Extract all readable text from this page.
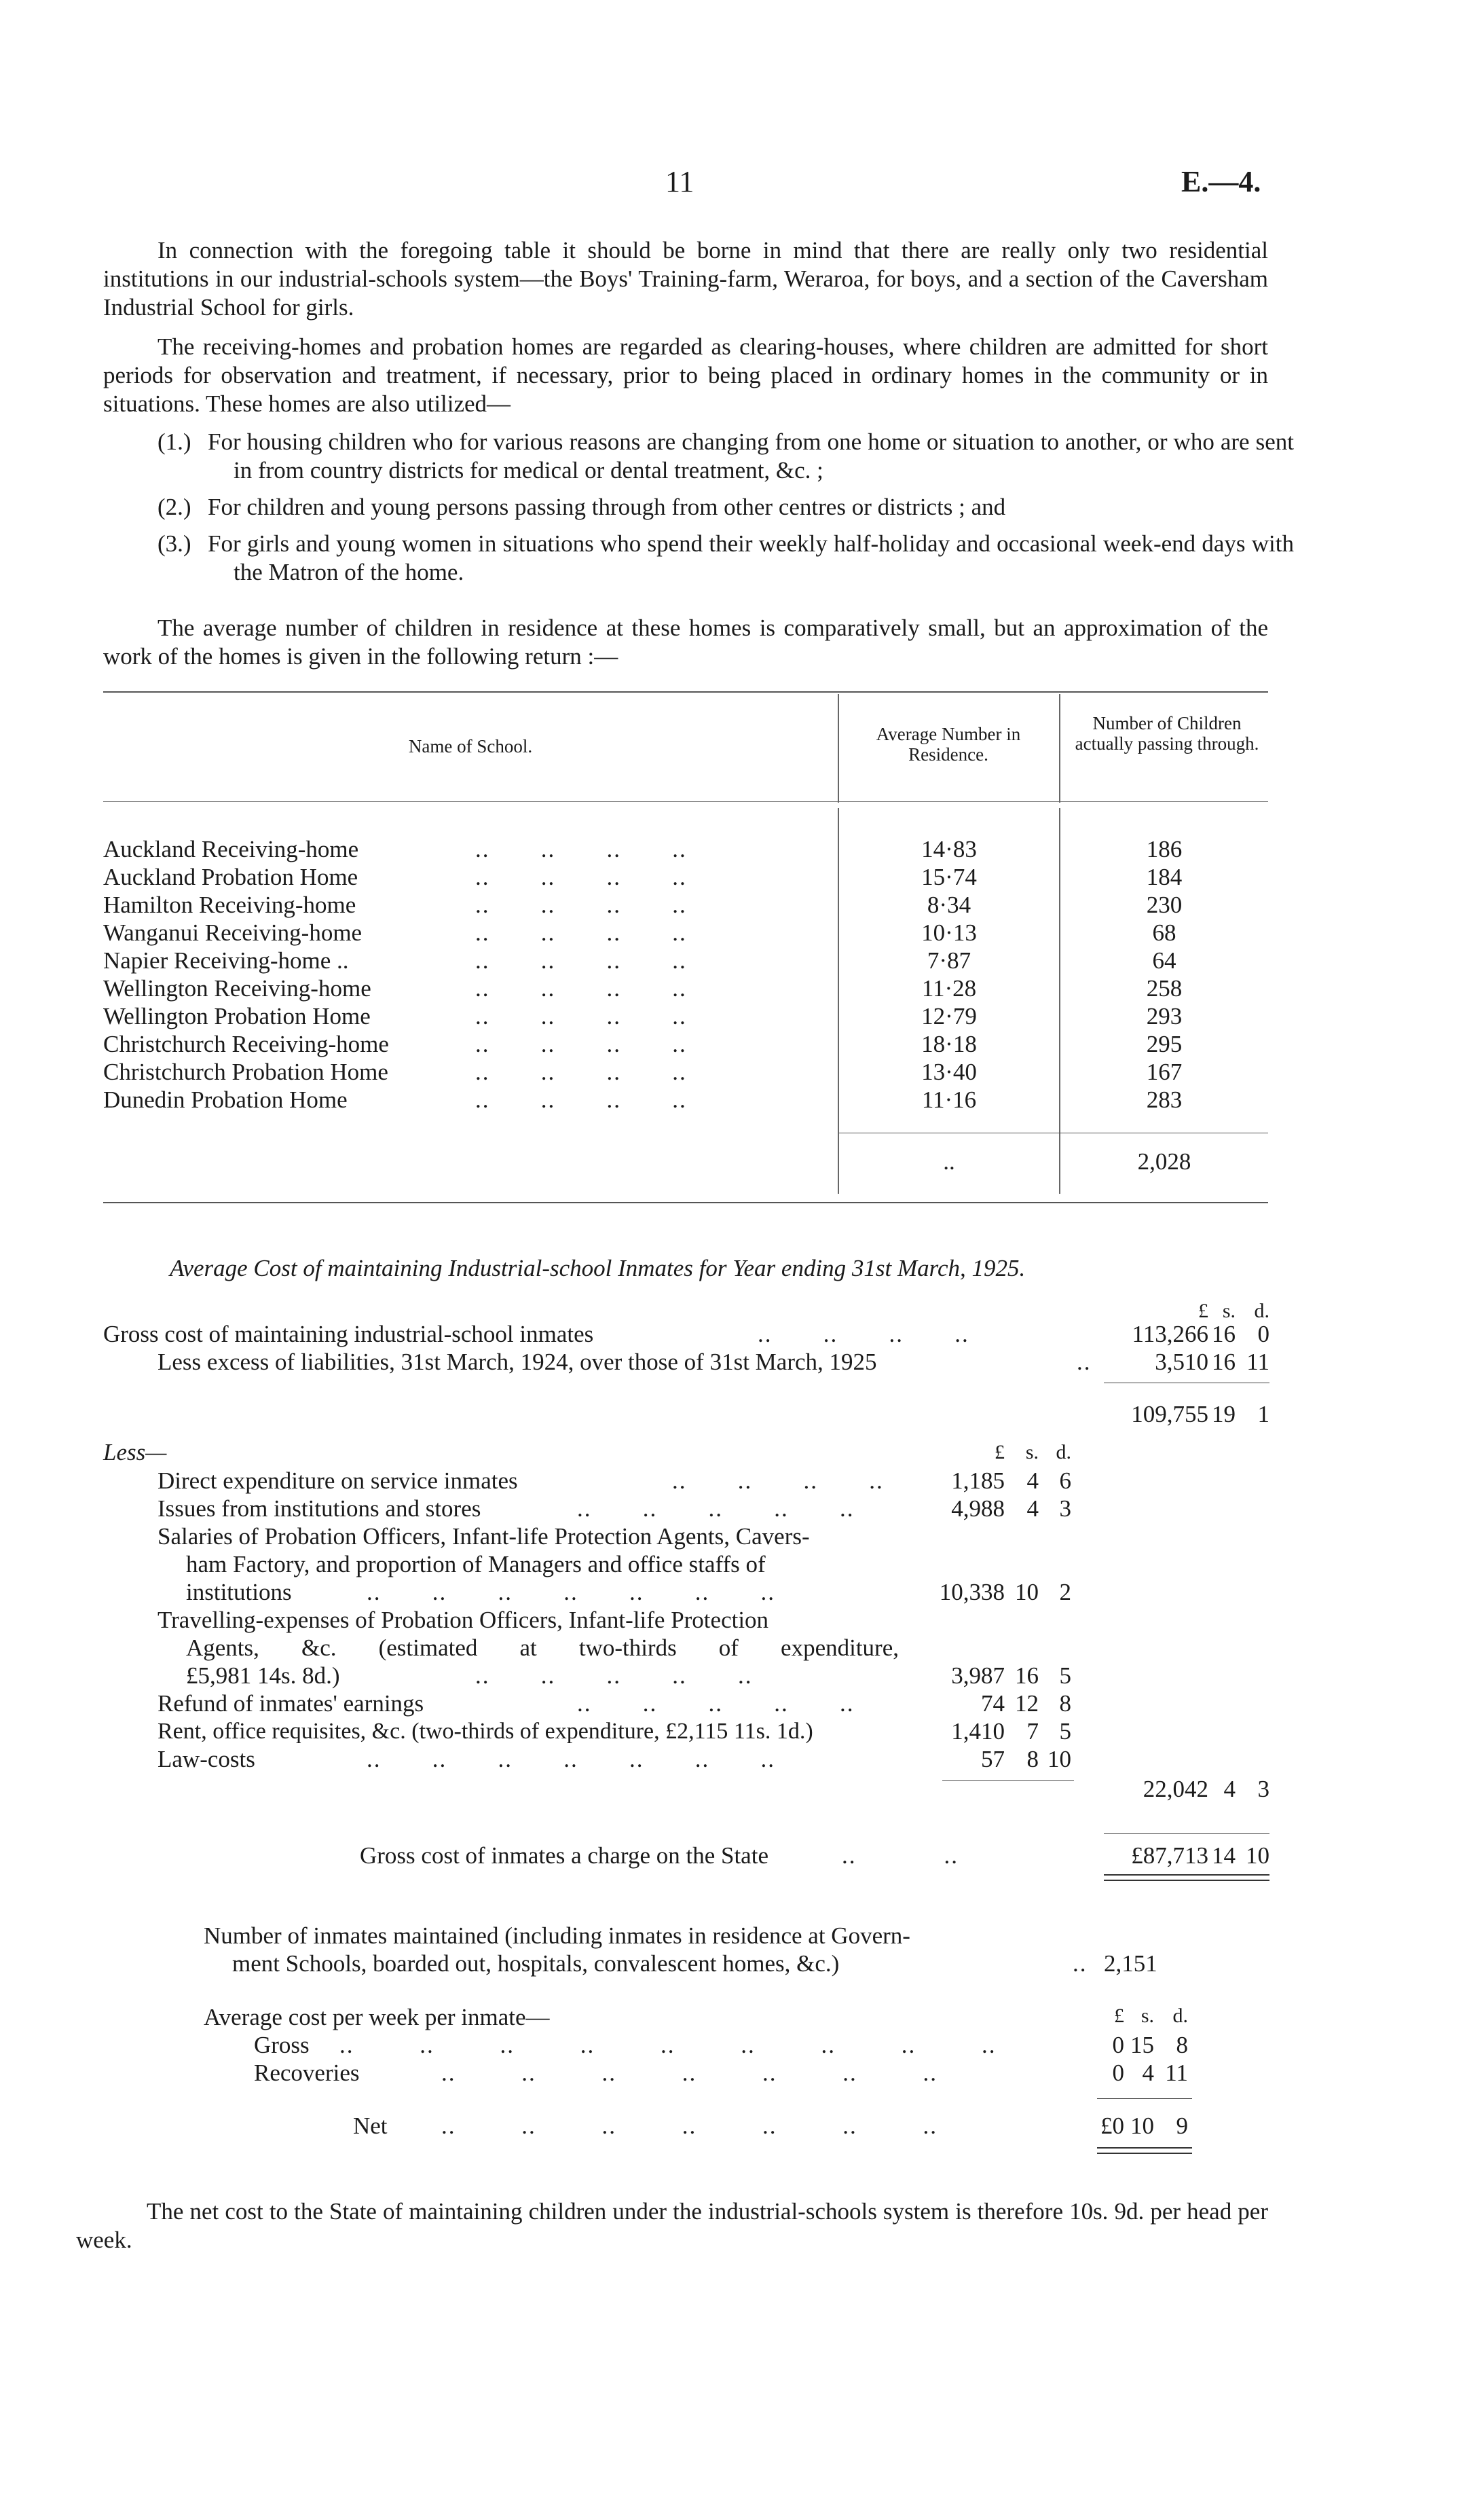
11	E.—4.
In connection with the foregoing table it should be borne in mind that there are really only two residential institutions in our industrial-schools system—the Boys' Training-farm, Weraroa, for boys, and a section of the Caversham Industrial School for girls.
The receiving-homes and probation homes are regarded as clearing-houses, where children are admitted for short periods for observation and treatment, if necessary, prior to being placed in ordinary homes in the community or in situations. These homes are also utilized—
(1.) For housing children who for various reasons are changing from one home or situation to another, or who are sent in from country districts for medical or dental treatment, &c. ;
(2.) For children and young persons passing through from other centres or districts ; and
(3.) For girls and young women in situations who spend their weekly half-holiday and occasional week-end days with the Matron of the home.
The average number of children in residence at these homes is comparatively small, but an approximation of the work of the homes is given in the following return :—
Name of School.
Average Number in Residence.
Number of Children actually passing through.
Auckland Receiving-home	..       ..       ..       ..	14·83	186
Auckland Probation Home	..       ..       ..       ..	15·74	184
Hamilton Receiving-home	..       ..       ..       ..	8·34	230
Wanganui Receiving-home	..       ..       ..       ..	10·13	68
Napier Receiving-home ..	..       ..       ..       ..	7·87	64
Wellington Receiving-home	..       ..       ..       ..	11·28	258
Wellington Probation Home	..       ..       ..       ..	12·79	293
Christchurch Receiving-home	..       ..       ..       ..	18·18	295
Christchurch Probation Home	..       ..       ..       ..	13·40	167
Dunedin Probation Home	..       ..       ..       ..	11·16	283
..	2,028
Average Cost of maintaining Industrial-school Inmates for Year ending 31st March, 1925.
£ s. d.
Gross cost of maintaining industrial-school inmates	..       ..       ..       ..	113,266 16 0
Less excess of liabilities, 31st March, 1924, over those of 31st March, 1925	..	3,510 16 11
109,755 19 1
Less—	£	s. d.
Direct expenditure on service inmates	..       ..       ..       ..	1,185 4 6
Issues from institutions and stores	..       ..       ..       ..       ..	4,988 4 3
Salaries of Probation Officers, Infant-life Protection Agents, Cavers-
ham Factory, and proportion of Managers and office staffs of
institutions	..       ..       ..       ..       ..       ..       ..	10,338 10 2
Travelling-expenses of Probation Officers, Infant-life Protection
Agents, &c. (estimated at two-thirds of expenditure,
£5,981 14s. 8d.)	..       ..       ..       ..       ..	3,987 16 5
Refund of inmates' earnings	..       ..       ..       ..       ..	74 12 8
Rent, office requisites, &c. (two-thirds of expenditure, £2,115 11s. 1d.)	1,410 7 5
Law-costs	..       ..       ..       ..       ..       ..       ..	57 8 10
22,042 4 3
Gross cost of inmates a charge on the State	..            ..	£87,713 14 10
Number of inmates maintained (including inmates in residence at Govern-
ment Schools, boarded out, hospitals, convalescent homes, &c.)	.. 2,151
Average cost per week per inmate—	£ s. d.
Gross ..         ..         ..         ..         ..         ..         ..         ..         ..	0 15 8
Recoveries	..         ..         ..         ..         ..         ..         ..	0 4 11
Net ..         ..         ..         ..         ..         ..         ..	£0 10 9
The net cost to the State of maintaining children under the industrial-schools system is therefore 10s. 9d. per head per week.
